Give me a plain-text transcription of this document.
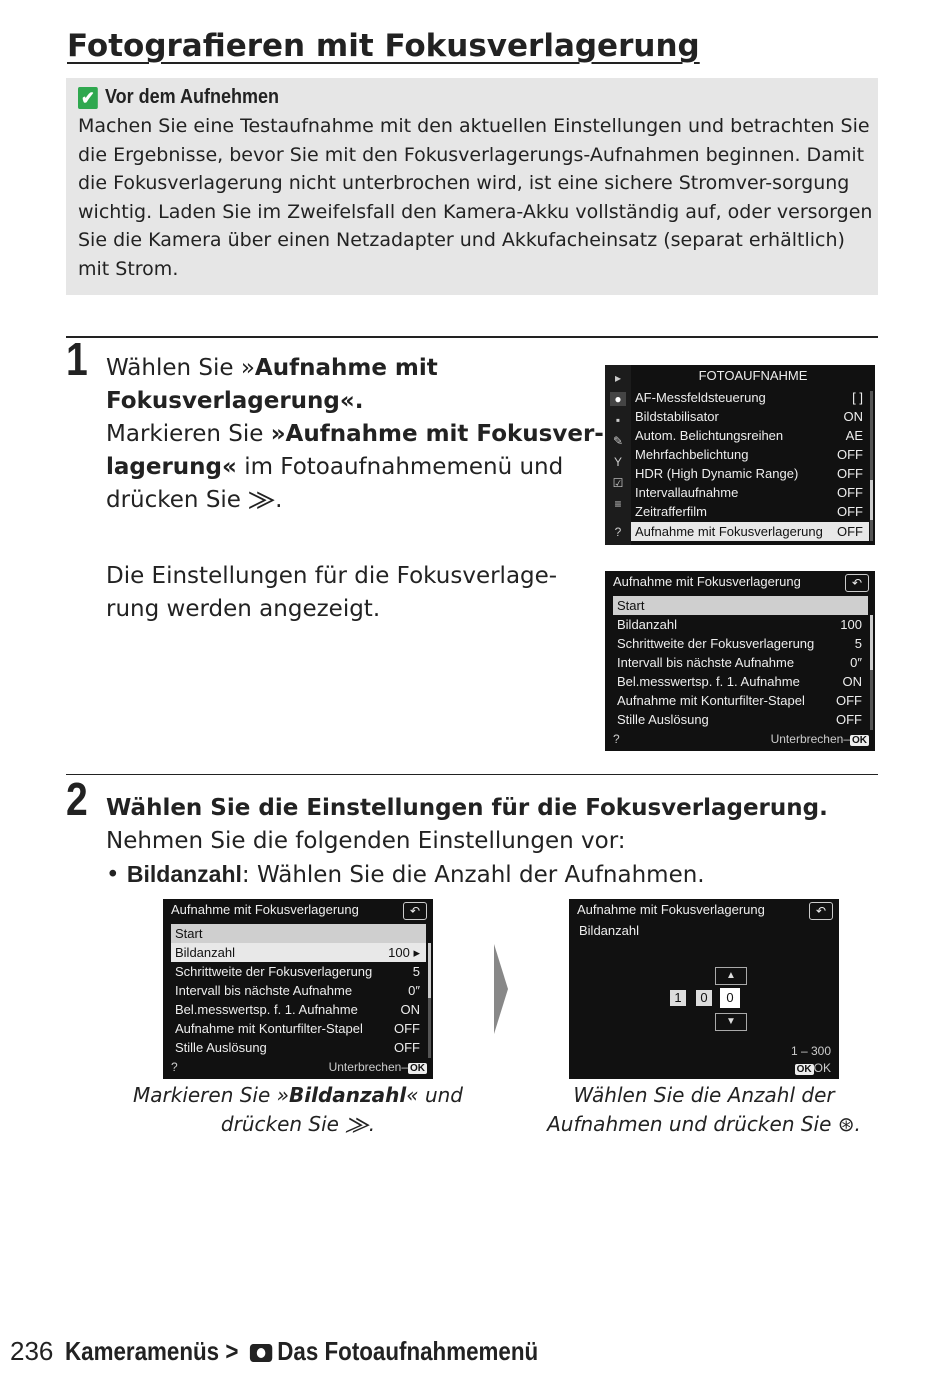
Fotografieren mit Fokusverlagerung
✔ Vor dem Aufnehmen
Machen Sie eine Testaufnahme mit den aktuellen Einstellungen und betrachten Sie die Ergebnisse, bevor Sie mit den Fokusverlagerungs-Aufnahmen beginnen. Damit die Fokusverlagerung nicht unterbrochen wird, ist eine sichere Stromver-sorgung wichtig. Laden Sie im Zweifelsfall den Kamera-Akku vollständig auf, oder versorgen Sie die Kamera über einen Netzadapter und Akkufacheinsatz (separat erhältlich) mit Strom.
1 Wählen Sie »Aufnahme mit
Fokusverlagerung«.
Markieren Sie »Aufnahme mit Fokusver-
lagerung« im Fotoaufnahmemenü und
drücken Sie ⨠.
Die Einstellungen für die Fokusverlage-
rung werden angezeigt.
▸
●
▪
✎
Y
☑
≡
?
FOTOAUFNAHME
AF-Messfeldsteuerung	[ ]
Bildstabilisator	ON
Autom. Belichtungsreihen	AE
Mehrfachbelichtung	OFF
HDR (High Dynamic Range)	OFF
Intervallaufnahme	OFF
Zeitrafferfilm	OFF
Aufnahme mit Fokusverlagerung OFF
Aufnahme mit Fokusverlagerung	↶
Start
Bildanzahl	100
Schrittweite der Fokusverlagerung	5
Intervall bis nächste Aufnahme	0″
Bel.messwertsp. f. 1. Aufnahme	ON
Aufnahme mit Konturfilter-Stapel OFF
Stille Auslösung	OFF
?	Unterbrechen– OK
2 Wählen Sie die Einstellungen für die Fokusverlagerung.
Nehmen Sie die folgenden Einstellungen vor:
• Bildanzahl: Wählen Sie die Anzahl der Aufnahmen.
Aufnahme mit Fokusverlagerung	↶
Start
Bildanzahl	100 ▸
Schrittweite der Fokusverlagerung	5
Intervall bis nächste Aufnahme	0″
Bel.messwertsp. f. 1. Aufnahme	ON
Aufnahme mit Konturfilter-Stapel OFF
Stille Auslösung	OFF
?	Unterbrechen– OK
Aufnahme mit Fokusverlagerung	↶
Bildanzahl
▲
1	0	0
▼
1 – 300
OK OK
Markieren Sie »Bildanzahl« und
drücken Sie ⨠.
Wählen Sie die Anzahl der
Aufnahmen und drücken Sie ⊛.
236 Kameramenüs >
Das Fotoaufnahmemenü
